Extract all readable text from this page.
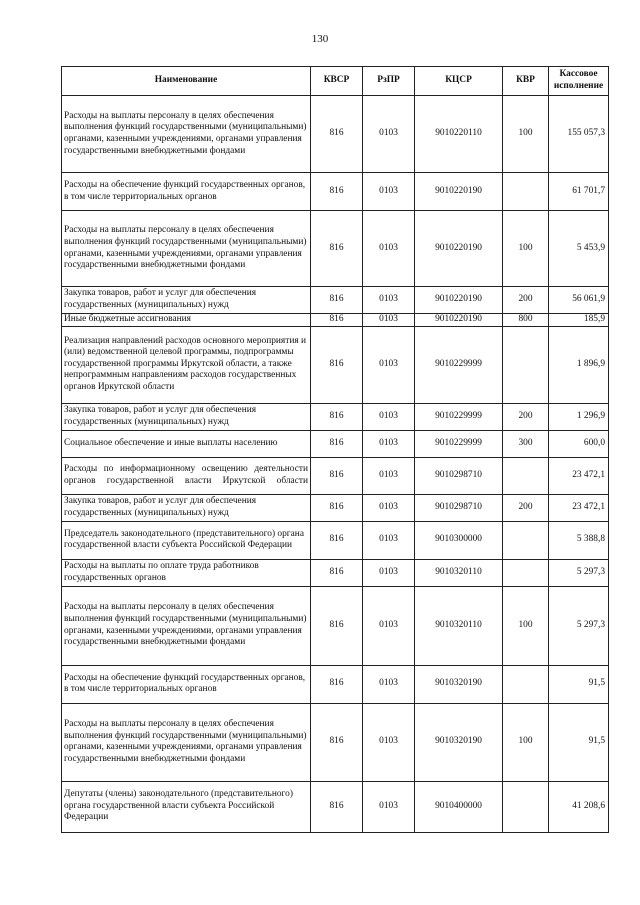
130
Наименование	КВСР	РзПР	КЦСР	КВР	Кассовое исполнение
Расходы на выплаты персоналу в целях обеспечения выполнения функций государственными (муниципальными) органами, казенными учреждениями, органами управления государственными внебюджетными фондами	816	0103	9010220110	100	155 057,3
Расходы на обеспечение функций государственных органов, в том числе территориальных органов	816	0103	9010220190		61 701,7
Расходы на выплаты персоналу в целях обеспечения выполнения функций государственными (муниципальными) органами, казенными учреждениями, органами управления государственными внебюджетными фондами	816	0103	9010220190	100	5 453,9
Закупка товаров, работ и услуг для обеспечения государственных (муниципальных) нужд	816	0103	9010220190	200	56 061,9
Иные бюджетные ассигнования	816	0103	9010220190	800	185,9
Реализация направлений расходов основного мероприятия и (или) ведомственной целевой программы, подпрограммы государственной программы Иркутской области, а также непрограммным направлениям расходов государственных органов Иркутской области	816	0103	9010229999		1 896,9
Закупка товаров, работ и услуг для обеспечения государственных (муниципальных) нужд	816	0103	9010229999	200	1 296,9
Социальное обеспечение и иные выплаты населению	816	0103	9010229999	300	600,0
Расходы по информационному освещению деятельности органов государственной власти Иркутской области	816	0103	9010298710		23 472,1
Закупка товаров, работ и услуг для обеспечения государственных (муниципальных) нужд	816	0103	9010298710	200	23 472,1
Председатель законодательного (представительного) органа государственной власти субъекта Российской Федерации	816	0103	9010300000		5 388,8
Расходы на выплаты по оплате труда работников государственных органов	816	0103	9010320110		5 297,3
Расходы на выплаты персоналу в целях обеспечения выполнения функций государственными (муниципальными) органами, казенными учреждениями, органами управления государственными внебюджетными фондами	816	0103	9010320110	100	5 297,3
Расходы на обеспечение функций государственных органов, в том числе территориальных органов	816	0103	9010320190		91,5
Расходы на выплаты персоналу в целях обеспечения выполнения функций государственными (муниципальными) органами, казенными учреждениями, органами управления государственными внебюджетными фондами	816	0103	9010320190	100	91,5
Депутаты (члены) законодательного (представительного) органа государственной власти субъекта Российской Федерации	816	0103	9010400000		41 208,6
